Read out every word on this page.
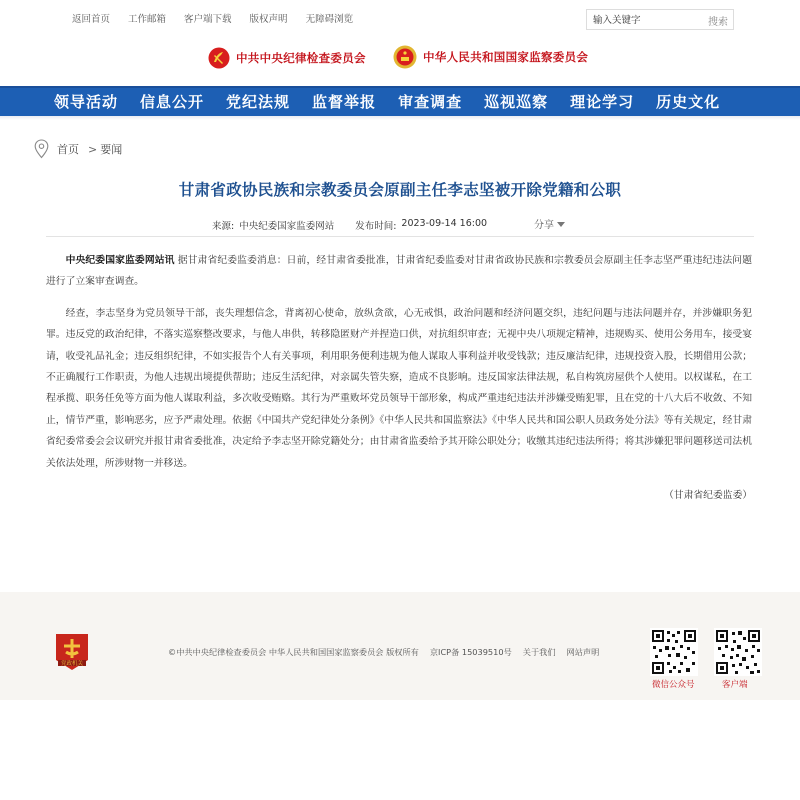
返回首页 工作邮箱 客户端下载 版权声明 无障碍浏览
输入关键字	搜索
中共中央纪律检查委员会	中华人民共和国国家监察委员会
领导活动 信息公开 党纪法规 监督举报 审查调查 巡视巡察 理论学习 历史文化
首页 > 要闻
甘肃省政协民族和宗教委员会原副主任李志坚被开除党籍和公职
来源: 中央纪委国家监委网站 发布时间: 2023-09-14 16:00	分享

中央纪委国家监委网站讯 据甘肃省纪委监委消息：日前，经甘肃省委批准，甘肃省纪委监委对甘肃省政协民族和宗教委员会原副主任李志坚严重违纪违法问题进行了立案审查调查。

经查，李志坚身为党员领导干部，丧失理想信念，背离初心使命，放纵贪欲，心无戒惧，政治问题和经济问题交织，违纪问题与违法问题并存，并涉嫌职务犯罪。违反党的政治纪律，不落实巡察整改要求，与他人串供，转移隐匿财产并捏造口供，对抗组织审查；无视中央八项规定精神，违规购买、使用公务用车，接受宴请，收受礼品礼金；违反组织纪律，不如实报告个人有关事项，利用职务便利违规为他人谋取人事利益并收受钱款；违反廉洁纪律，违规投资入股，长期借用公款；不正确履行工作职责，为他人违规出境提供帮助；违反生活纪律，对亲属失管失察，造成不良影响。违反国家法律法规，私自构筑房屋供个人使用。以权谋私，在工程承揽、职务任免等方面为他人谋取利益，多次收受贿赂。其行为严重败坏党员领导干部形象，构成严重违纪违法并涉嫌受贿犯罪，且在党的十八大后不收敛、不知止，情节严重，影响恶劣，应予严肃处理。依据《中国共产党纪律处分条例》《中华人民共和国监察法》《中华人民共和国公职人员政务处分法》等有关规定，经甘肃省纪委常委会会议研究并报甘肃省委批准，决定给予李志坚开除党籍处分；由甘肃省监委给予其开除公职处分；收缴其违纪违法所得；将其涉嫌犯罪问题移送司法机关依法处理，所涉财物一并移送。

（甘肃省纪委监委）
党政机关
©中共中央纪律检查委员会 中华人民共和国国家监察委员会 版权所有 京ICP备 15039510号 关于我们 网站声明
微信公众号	客户端
